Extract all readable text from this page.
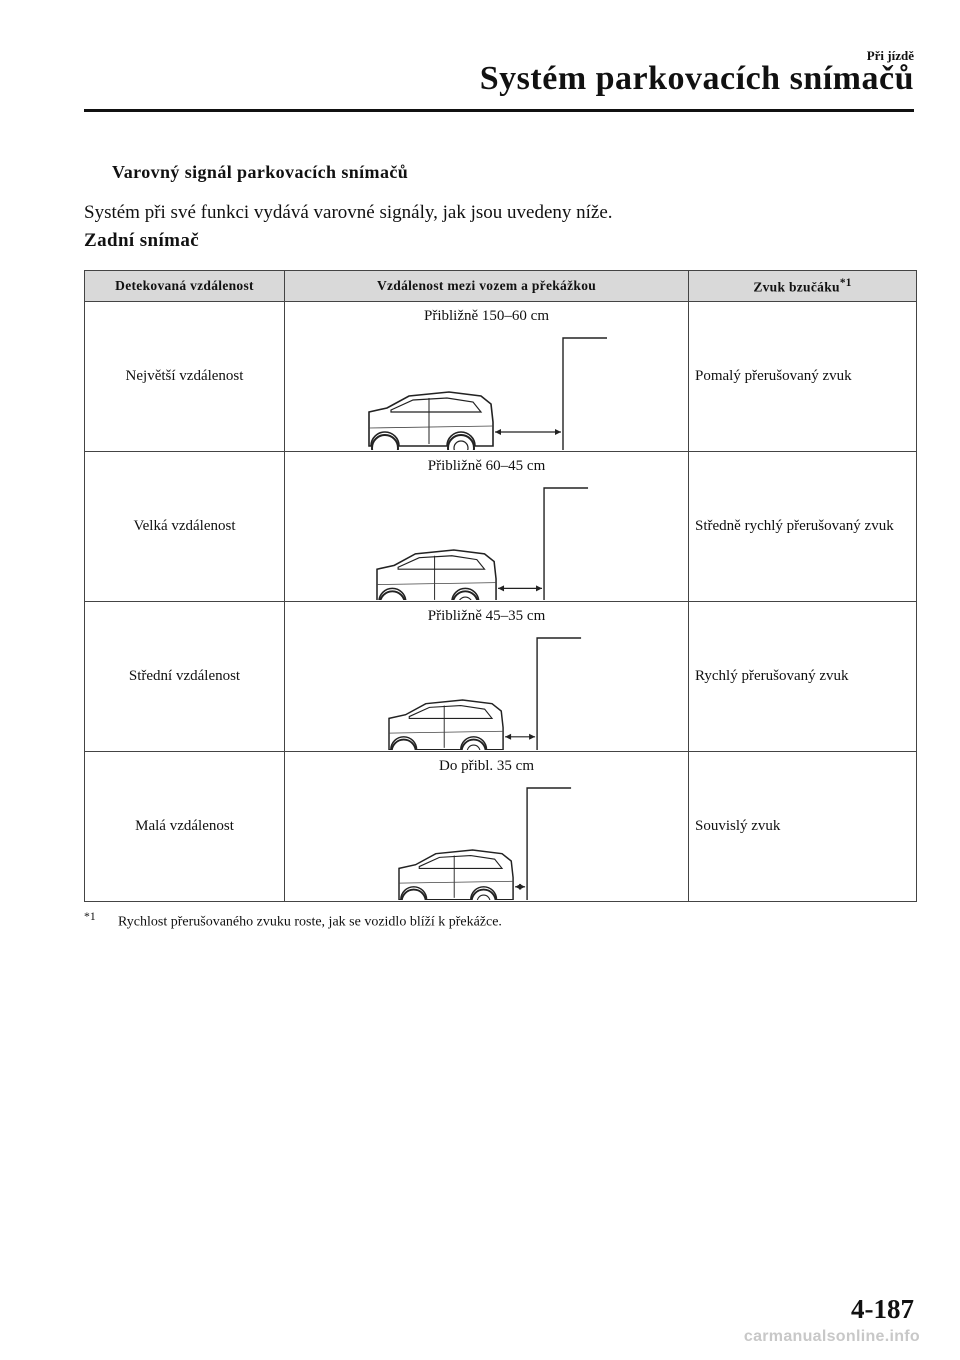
Při jízdě
Systém parkovacích snímačů
Varovný signál parkovacích snímačů
Systém při své funkci vydává varovné signály, jak jsou uvedeny níže.
Zadní snímač
Detekovaná vzdálenost	Vzdálenost mezi vozem a překážkou	Zvuk bzučáku$^{*1}$
Největší vzdálenost	Přibližně 150–60 cm	Pomalý přerušovaný zvuk
Velká vzdálenost	Přibližně 60–45 cm	Středně rychlý přerušovaný zvuk
Střední vzdálenost	Přibližně 45–35 cm	Rychlý přerušovaný zvuk
Malá vzdálenost	Do přibl. 35 cm	Souvislý zvuk
$^{*1}$ Rychlost přerušovaného zvuku roste, jak se vozidlo blíží k překážce.
4-187
carmanualsonline.info
